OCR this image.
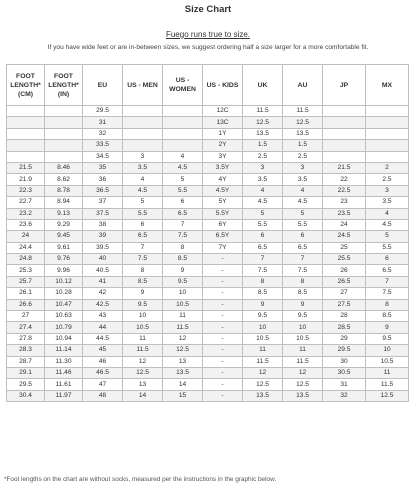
Size Chart
Fuego runs true to size.
If you have wide feet or are in-between sizes, we suggest ordering half a size larger for a more comfortable fit.
FOOT LENGTH* (CM)	FOOT LENGTH* (IN)	EU	US - MEN	US - WOMEN	US - KIDS	UK	AU	JP	MX
		29.5			12C	11.5	11.5		
		31			13C	12.5	12.5		
		32			1Y	13.5	13.5		
		33.5			2Y	1.5	1.5		
		34.5	3	4	3Y	2.5	2.5		
21.5	8.46	35	3.5	4.5	3.5Y	3	3	21.5	2
21.9	8.62	36	4	5	4Y	3.5	3.5	22	2.5
22.3	8.78	36.5	4.5	5.5	4.5Y	4	4	22.5	3
22.7	8.94	37	5	6	5Y	4.5	4.5	23	3.5
23.2	9.13	37.5	5.5	6.5	5.5Y	5	5	23.5	4
23.6	9.29	38	6	7	6Y	5.5	5.5	24	4.5
24	9.45	39	6.5	7.5	6.5Y	6	6	24.5	5
24.4	9.61	39.5	7	8	7Y	6.5	6.5	25	5.5
24.8	9.76	40	7.5	8.5	-	7	7	25.5	6
25.3	9.96	40.5	8	9	-	7.5	7.5	26	6.5
25.7	10.12	41	8.5	9.5	-	8	8	26.5	7
26.1	10.28	42	9	10	-	8.5	8.5	27	7.5
26.6	10.47	42.5	9.5	10.5	-	9	9	27.5	8
27	10.63	43	10	11	-	9.5	9.5	28	8.5
27.4	10.79	44	10.5	11.5	-	10	10	28.5	9
27.8	10.94	44.5	11	12	-	10.5	10.5	29	9.5
28.3	11.14	45	11.5	12.5	-	11	11	29.5	10
28.7	11.30	46	12	13	-	11.5	11.5	30	10.5
29.1	11.46	46.5	12.5	13.5	-	12	12	30.5	11
29.5	11.61	47	13	14	-	12.5	12.5	31	11.5
30.4	11.97	48	14	15	-	13.5	13.5	32	12.5
*Foot lengths on the chart are without socks, measured per the instructions in the graphic below.
